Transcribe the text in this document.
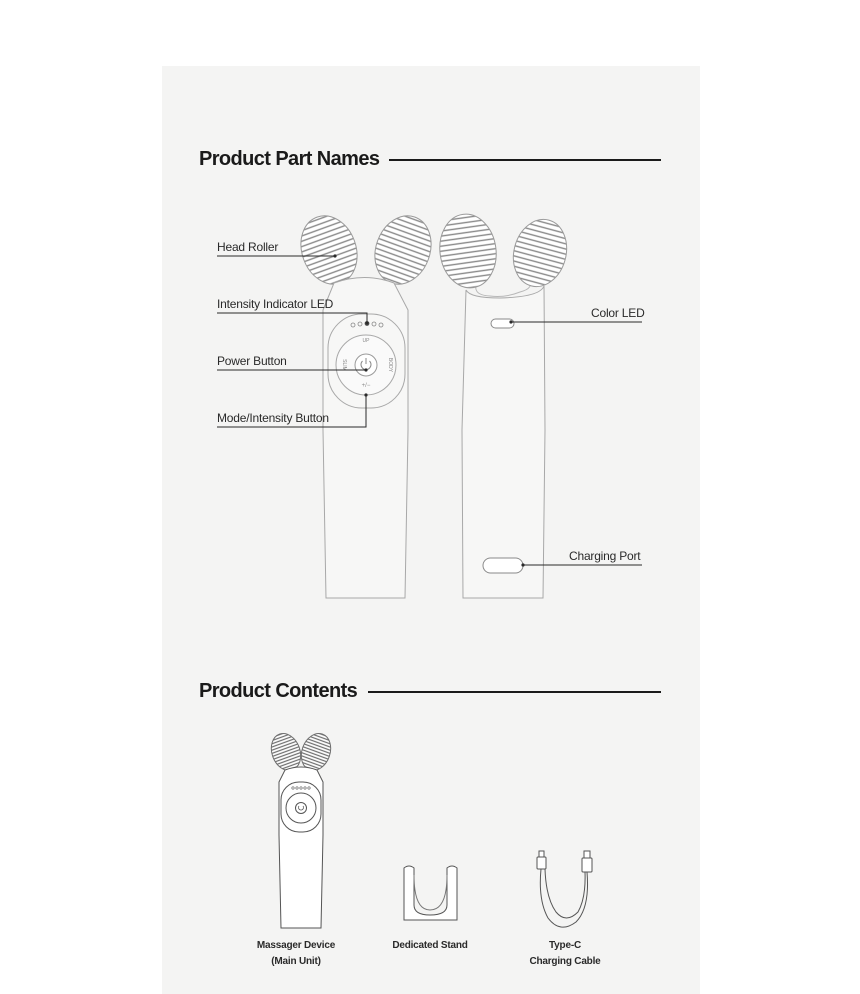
Product Part Names
UP
+/−
SLIM	BODY
Head Roller
Intensity Indicator LED
Power Button
Mode/Intensity Button
Color LED
Charging Port
Product Contents
Massager Device
(Main Unit)
Dedicated Stand	Type-C
Charging Cable
